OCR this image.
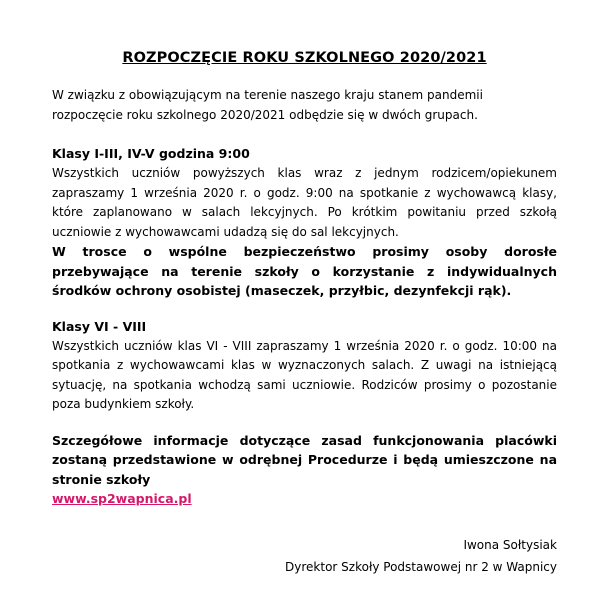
ROZPOCZĘCIE ROKU SZKOLNEGO 2020/2021

W związku z obowiązującym na terenie naszego kraju stanem pandemii rozpoczęcie roku szkolnego 2020/2021 odbędzie się w dwóch grupach.

Klasy I-III, IV-V godzina 9:00

Wszystkich uczniów powyższych klas wraz z jednym rodzicem/opiekunem zapraszamy 1 września 2020 r. o godz. 9:00 na spotkanie z wychowawcą klasy, które zaplanowano w salach lekcyjnych. Po krótkim powitaniu przed szkołą uczniowie z wychowawcami udadzą się do sal lekcyjnych.

W trosce o wspólne bezpieczeństwo prosimy osoby dorosłe przebywające na terenie szkoły o korzystanie z indywidualnych środków ochrony osobistej (maseczek, przyłbic, dezynfekcji rąk).

Klasy VI - VIII

Wszystkich uczniów klas VI - VIII zapraszamy 1 września 2020 r. o godz. 10:00 na spotkania z wychowawcami klas w wyznaczonych salach. Z uwagi na istniejącą sytuację, na spotkania wchodzą sami uczniowie. Rodziców prosimy o pozostanie poza budynkiem szkoły.

Szczegółowe informacje dotyczące zasad funkcjonowania placówki zostaną przedstawione w odrębnej Procedurze i będą umieszczone na stronie szkoły
www.sp2wapnica.pl

Iwona Sołtysiak
Dyrektor Szkoły Podstawowej nr 2 w Wapnicy
